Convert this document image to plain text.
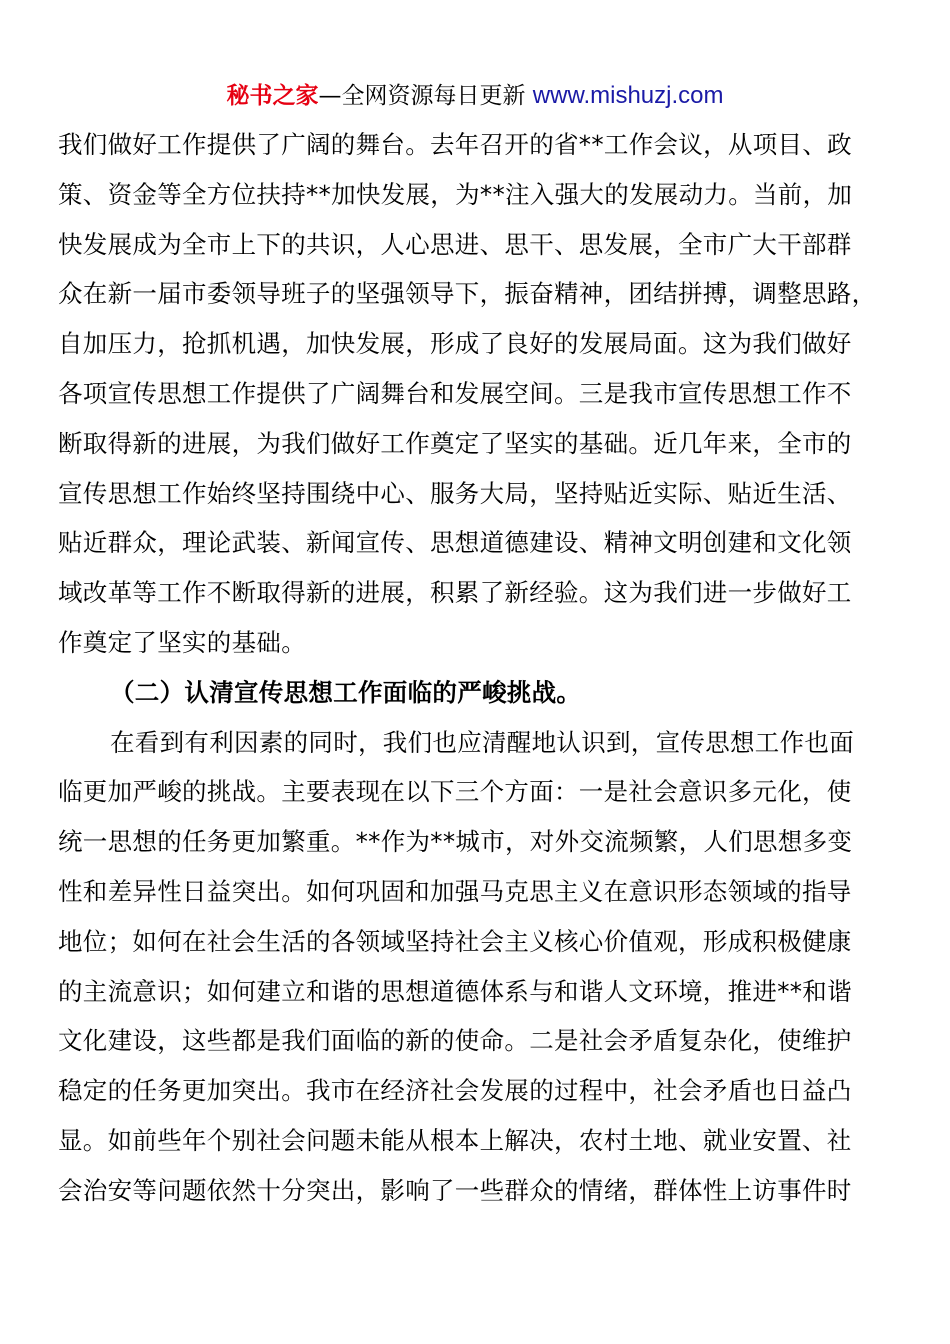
秘书之家—全网资源每日更新 www.mishuzj.com
我们做好工作提供了广阔的舞台。去年召开的省**工作会议，从项目、政
策、资金等全方位扶持**加快发展，为**注入强大的发展动力。当前，加
快发展成为全市上下的共识，人心思进、思干、思发展，全市广大干部群
众在新一届市委领导班子的坚强领导下，振奋精神，团结拼搏，调整思路，
自加压力，抢抓机遇，加快发展，形成了良好的发展局面。这为我们做好
各项宣传思想工作提供了广阔舞台和发展空间。三是我市宣传思想工作不
断取得新的进展，为我们做好工作奠定了坚实的基础。近几年来，全市的
宣传思想工作始终坚持围绕中心、服务大局，坚持贴近实际、贴近生活、
贴近群众，理论武装、新闻宣传、思想道德建设、精神文明创建和文化领
域改革等工作不断取得新的进展，积累了新经验。这为我们进一步做好工
作奠定了坚实的基础。
（二）认清宣传思想工作面临的严峻挑战。
在看到有利因素的同时，我们也应清醒地认识到，宣传思想工作也面
临更加严峻的挑战。主要表现在以下三个方面：一是社会意识多元化，使
统一思想的任务更加繁重。**作为**城市，对外交流频繁，人们思想多变
性和差异性日益突出。如何巩固和加强马克思主义在意识形态领域的指导
地位；如何在社会生活的各领域坚持社会主义核心价值观，形成积极健康
的主流意识；如何建立和谐的思想道德体系与和谐人文环境，推进**和谐
文化建设，这些都是我们面临的新的使命。二是社会矛盾复杂化，使维护
稳定的任务更加突出。我市在经济社会发展的过程中，社会矛盾也日益凸
显。如前些年个别社会问题未能从根本上解决，农村土地、就业安置、社
会治安等问题依然十分突出，影响了一些群众的情绪，群体性上访事件时
